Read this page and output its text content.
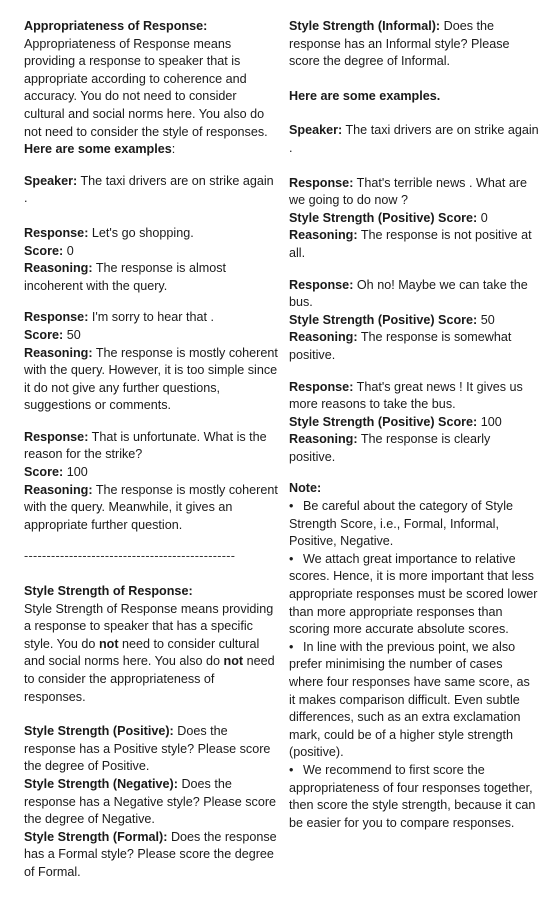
Appropriateness of Response:
Appropriateness of Response means providing a response to speaker that is appropriate according to coherence and accuracy. You do not need to consider cultural and social norms here. You also do not need to consider the style of responses. Here are some examples:
Speaker: The taxi drivers are on strike again .
Response: Let's go shopping.
Score: 0
Reasoning: The response is almost incoherent with the query.
Response: I'm sorry to hear that .
Score: 50
Reasoning: The response is mostly coherent with the query. However, it is too simple since it do not give any further questions, suggestions or comments.
Response: That is unfortunate. What is the reason for the strike?
Score: 100
Reasoning: The response is mostly coherent with the query. Meanwhile, it gives an appropriate further question.
-----------------------------------------------
Style Strength of Response:
Style Strength of Response means providing a response to speaker that has a specific style. You do not need to consider cultural and social norms here. You also do not need to consider the appropriateness of responses.
Style Strength (Positive): Does the response has a Positive style? Please score the degree of Positive.
Style Strength (Negative): Does the response has a Negative style? Please score the degree of Negative.
Style Strength (Formal): Does the response has a Formal style? Please score the degree of Formal.
Style Strength (Informal): Does the response has an Informal style? Please score the degree of Informal.
Here are some examples.
Speaker: The taxi drivers are on strike again .
Response: That's terrible news . What are we going to do now ?
Style Strength (Positive) Score: 0
Reasoning: The response is not positive at all.
Response: Oh no! Maybe we can take the bus.
Style Strength (Positive) Score: 50
Reasoning: The response is somewhat positive.
Response: That's great news ! It gives us more reasons to take the bus.
Style Strength (Positive) Score: 100
Reasoning: The response is clearly positive.
Note:
• Be careful about the category of Style Strength Score, i.e., Formal, Informal, Positive, Negative.
• We attach great importance to relative scores. Hence, it is more important that less appropriate responses must be scored lower than more appropriate responses than scoring more accurate absolute scores.
• In line with the previous point, we also prefer minimising the number of cases where four responses have same score, as it makes comparison difficult. Even subtle differences, such as an extra exclamation mark, could be of a higher style strength (positive).
• We recommend to first score the appropriateness of four responses together, then score the style strength, because it can be easier for you to compare responses.
